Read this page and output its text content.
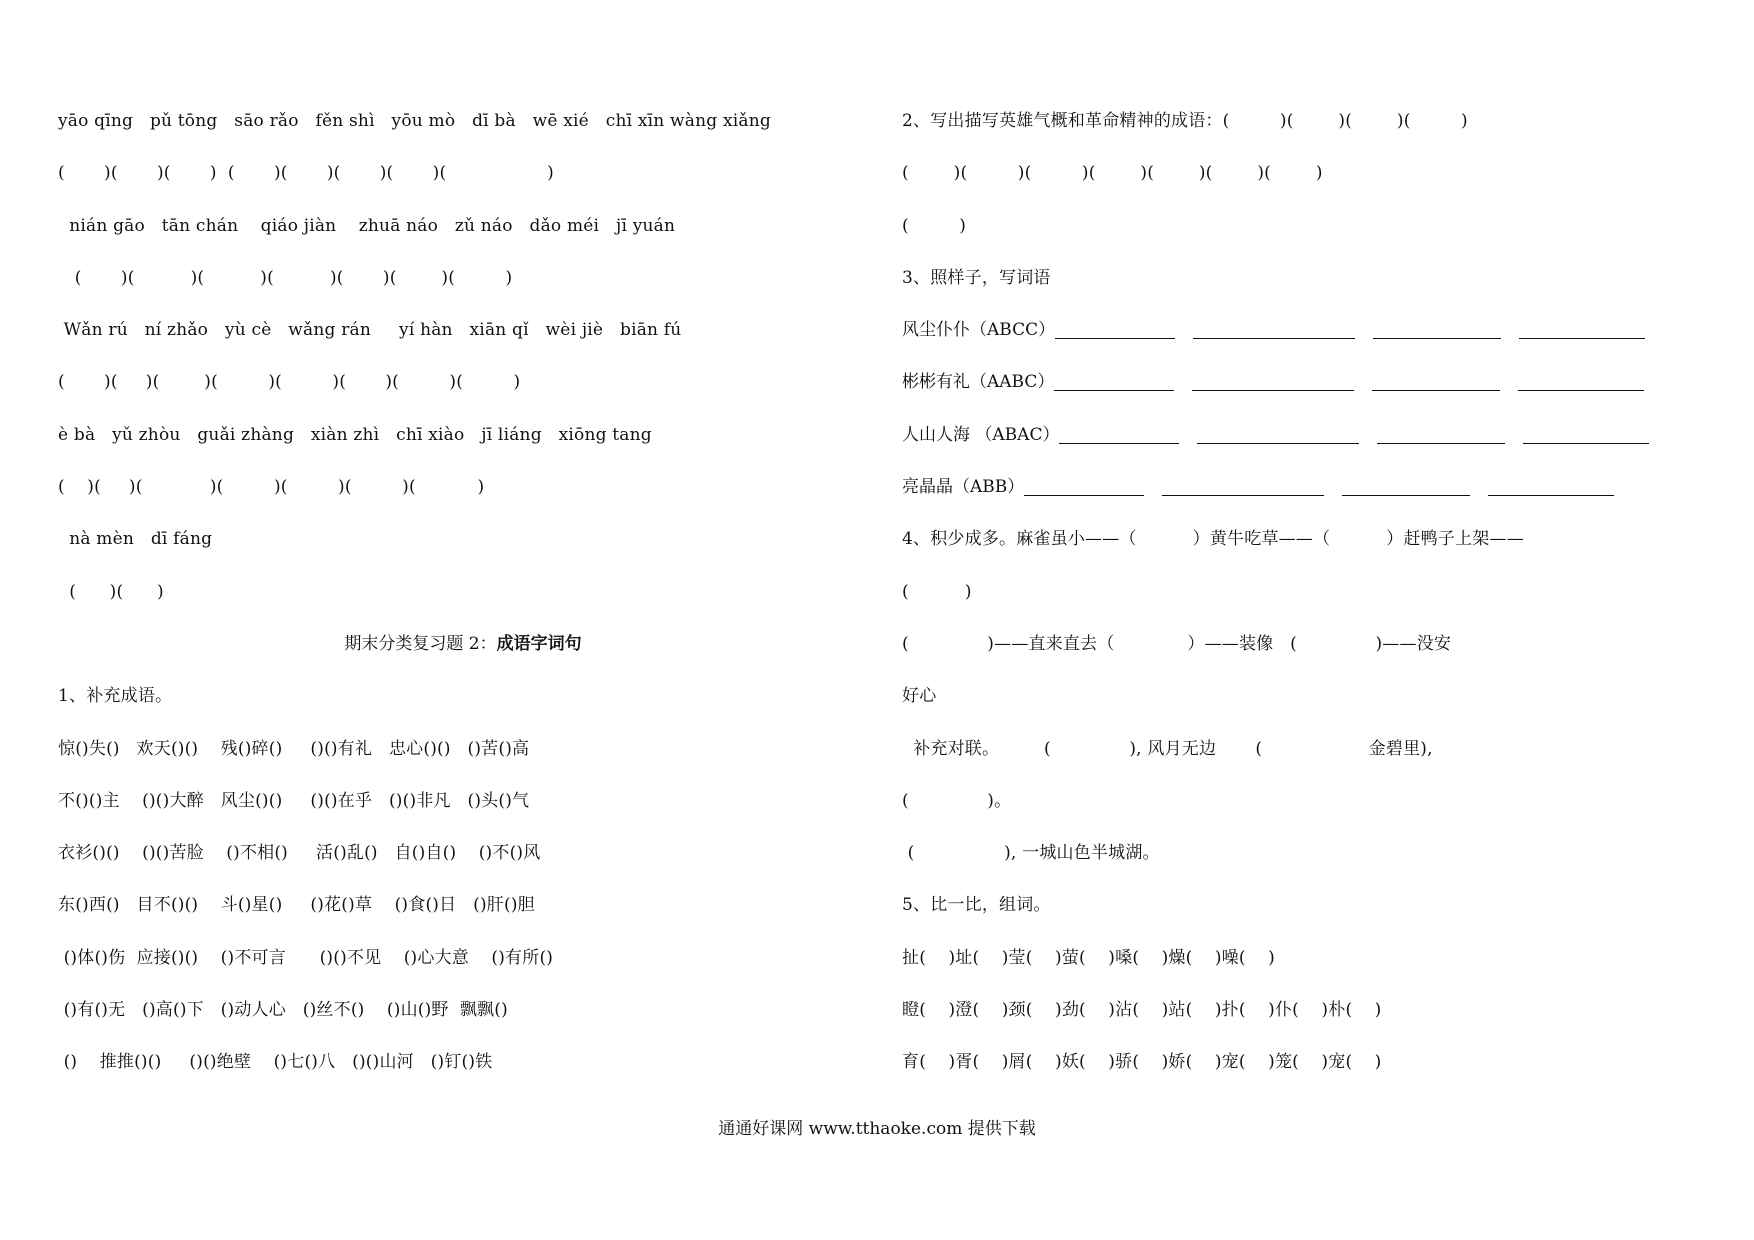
yāo qīng   pǔ tōng   sāo rǎo   fěn shì   yōu mò   dī bà   wē xié   chī xīn wàng xiǎng
(       )(       )(       )  (       )(       )(       )(       )(                  )
nián gāo   tān chán    qiáo jiàn    zhuā náo   zǔ náo   dǎo méi   jī yuán
(       )(          )(          )(          )(       )(        )(         )
Wǎn rú   ní zhǎo   yù cè   wǎng rán     yí hàn   xiān qǐ   wèi jiè   biān fú
(       )(     )(        )(         )(         )(       )(         )(         )
è bà   yǔ zhòu   guǎi zhàng   xiàn zhì   chī xiào   jī liáng   xiōng tang
(    )(     )(            )(         )(         )(         )(           )
nà mèn   dī fáng
(      )(      )
期末分类复习题 2：成语字词句
1、补充成语。
惊()失()   欢天()()    残()碎()     ()()有礼   忠心()()   ()苦()高
不()()主    ()()大醉   风尘()()     ()()在乎   ()()非凡   ()头()气
衣衫()()    ()()苦脸    ()不相()     活()乱()   自()自()    ()不()风
东()西()   目不()()    斗()星()     ()花()草    ()食()日   ()肝()胆
()体()伤  应接()()    ()不可言      ()()不见    ()心大意    ()有所()
()有()无   ()高()下   ()动人心   ()丝不()    ()山()野  飘飘()
()    推推()()     ()()绝壁    ()七()八   ()()山河   ()钉()铁
2、写出描写英雄气概和革命精神的成语：(         )(        )(        )(         )
(        )(         )(         )(        )(        )(        )(        )
(         )
3、照样子，写词语
风尘仆仆（ABCC）
彬彬有礼（AABC）
人山人海 （ABAC）
亮晶晶（ABB）
4、积少成多。麻雀虽小——（          ）黄牛吃草——（          ）赶鸭子上架——
(          )
(              )——直来直去（             ）——装像   (              )——没安
好心
补充对联。        (              ), 风月无边       (                   金碧里),
(              )。
(                ), 一城山色半城湖。
5、比一比，组词。
扯(    )址(    )莹(    )萤(    )嗓(    )燥(    )噪(    )
瞪(    )澄(    )颈(    )劲(    )沾(    )站(    )扑(    )仆(    )朴(    )
育(    )胥(    )屑(    )妖(    )骄(    )娇(    )宠(    )笼(    )宠(    )
通通好课网 www.tthaoke.com 提供下载
